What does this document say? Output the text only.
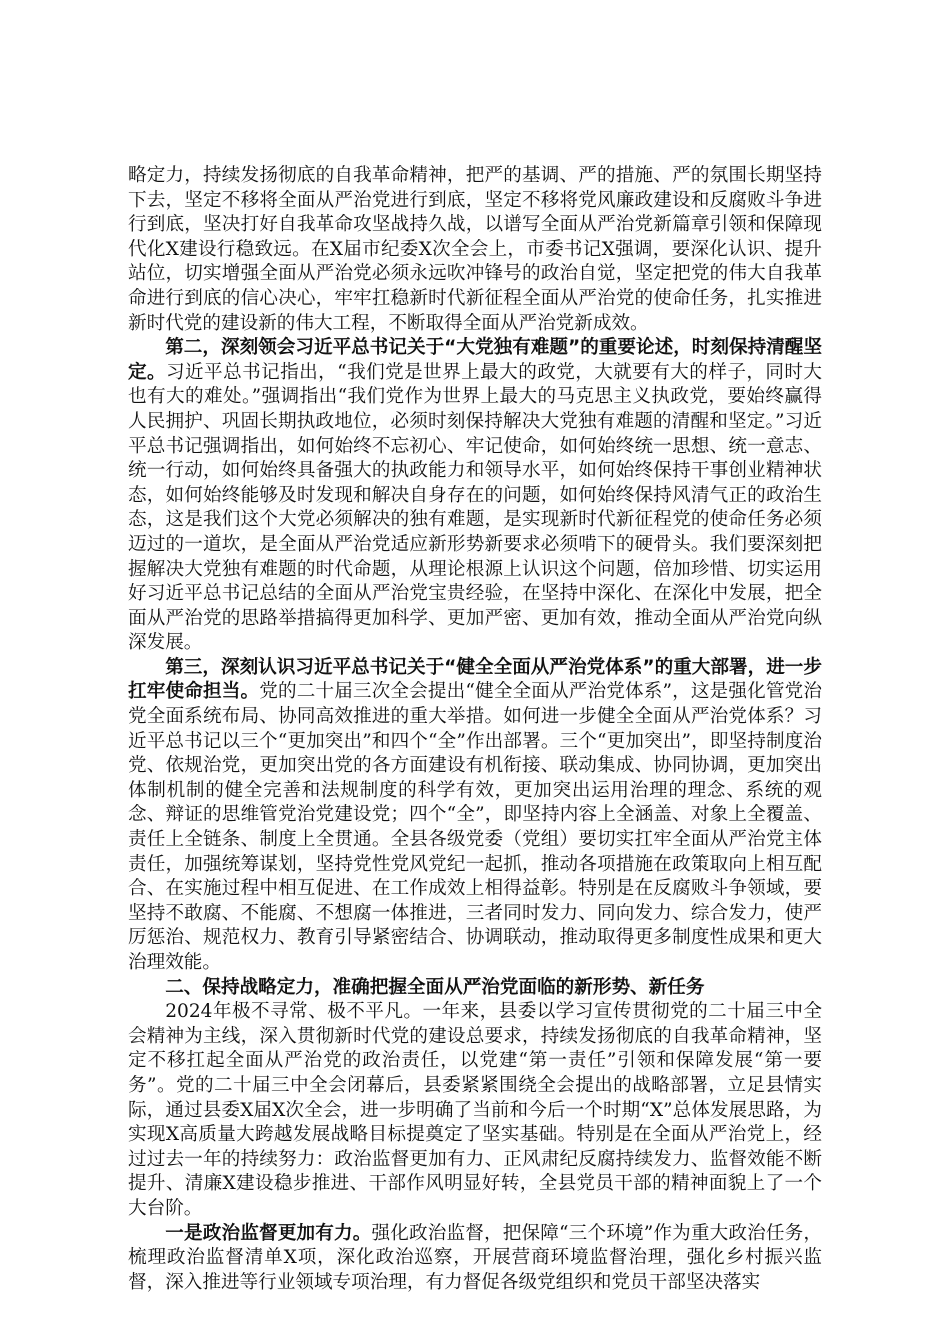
略定力，持续发扬彻底的自我革命精神，把严的基调、严的措施、严的氛围长期坚持下去，坚定不移将全面从严治党进行到底，坚定不移将党风廉政建设和反腐败斗争进行到底，坚决打好自我革命攻坚战持久战，以谱写全面从严治党新篇章引领和保障现代化X建设行稳致远。在X届市纪委X次全会上，市委书记X强调，要深化认识、提升站位，切实增强全面从严治党必须永远吹冲锋号的政治自觉，坚定把党的伟大自我革命进行到底的信心决心，牢牢扛稳新时代新征程全面从严治党的使命任务，扎实推进新时代党的建设新的伟大工程，不断取得全面从严治党新成效。

第二，深刻领会习近平总书记关于“大党独有难题”的重要论述，时刻保持清醒坚定。习近平总书记指出，“我们党是世界上最大的政党，大就要有大的样子，同时大也有大的难处。”强调指出“我们党作为世界上最大的马克思主义执政党，要始终赢得人民拥护、巩固长期执政地位，必须时刻保持解决大党独有难题的清醒和坚定。”习近平总书记强调指出，如何始终不忘初心、牢记使命，如何始终统一思想、统一意志、统一行动，如何始终具备强大的执政能力和领导水平，如何始终保持干事创业精神状态，如何始终能够及时发现和解决自身存在的问题，如何始终保持风清气正的政治生态，这是我们这个大党必须解决的独有难题，是实现新时代新征程党的使命任务必须迈过的一道坎，是全面从严治党适应新形势新要求必须啃下的硬骨头。我们要深刻把握解决大党独有难题的时代命题，从理论根源上认识这个问题，倍加珍惜、切实运用好习近平总书记总结的全面从严治党宝贵经验，在坚持中深化、在深化中发展，把全面从严治党的思路举措搞得更加科学、更加严密、更加有效，推动全面从严治党向纵深发展。

第三，深刻认识习近平总书记关于“健全全面从严治党体系”的重大部署，进一步扛牢使命担当。党的二十届三次全会提出“健全全面从严治党体系”，这是强化管党治党全面系统布局、协同高效推进的重大举措。如何进一步健全全面从严治党体系？习近平总书记以三个“更加突出”和四个“全”作出部署。三个“更加突出”，即坚持制度治党、依规治党，更加突出党的各方面建设有机衔接、联动集成、协同协调，更加突出体制机制的健全完善和法规制度的科学有效，更加突出运用治理的理念、系统的观念、辩证的思维管党治党建设党；四个“全”，即坚持内容上全涵盖、对象上全覆盖、责任上全链条、制度上全贯通。全县各级党委（党组）要切实扛牢全面从严治党主体责任，加强统筹谋划，坚持党性党风党纪一起抓，推动各项措施在政策取向上相互配合、在实施过程中相互促进、在工作成效上相得益彰。特别是在反腐败斗争领域，要坚持不敢腐、不能腐、不想腐一体推进，三者同时发力、同向发力、综合发力，使严厉惩治、规范权力、教育引导紧密结合、协调联动，推动取得更多制度性成果和更大治理效能。

二、保持战略定力，准确把握全面从严治党面临的新形势、新任务

2024年极不寻常、极不平凡。一年来，县委以学习宣传贯彻党的二十届三中全会精神为主线，深入贯彻新时代党的建设总要求，持续发扬彻底的自我革命精神，坚定不移扛起全面从严治党的政治责任，以党建“第一责任”引领和保障发展“第一要务”。党的二十届三中全会闭幕后，县委紧紧围绕全会提出的战略部署，立足县情实际，通过县委X届X次全会，进一步明确了当前和今后一个时期“X”总体发展思路，为实现X高质量大跨越发展战略目标提奠定了坚实基础。特别是在全面从严治党上，经过过去一年的持续努力：政治监督更加有力、正风肃纪反腐持续发力、监督效能不断提升、清廉X建设稳步推进、干部作风明显好转，全县党员干部的精神面貌上了一个大台阶。

一是政治监督更加有力。强化政治监督，把保障“三个环境”作为重大政治任务，梳理政治监督清单X项，深化政治巡察，开展营商环境监督治理，强化乡村振兴监督，深入推进等行业领域专项治理，有力督促各级党组织和党员干部坚决落实
